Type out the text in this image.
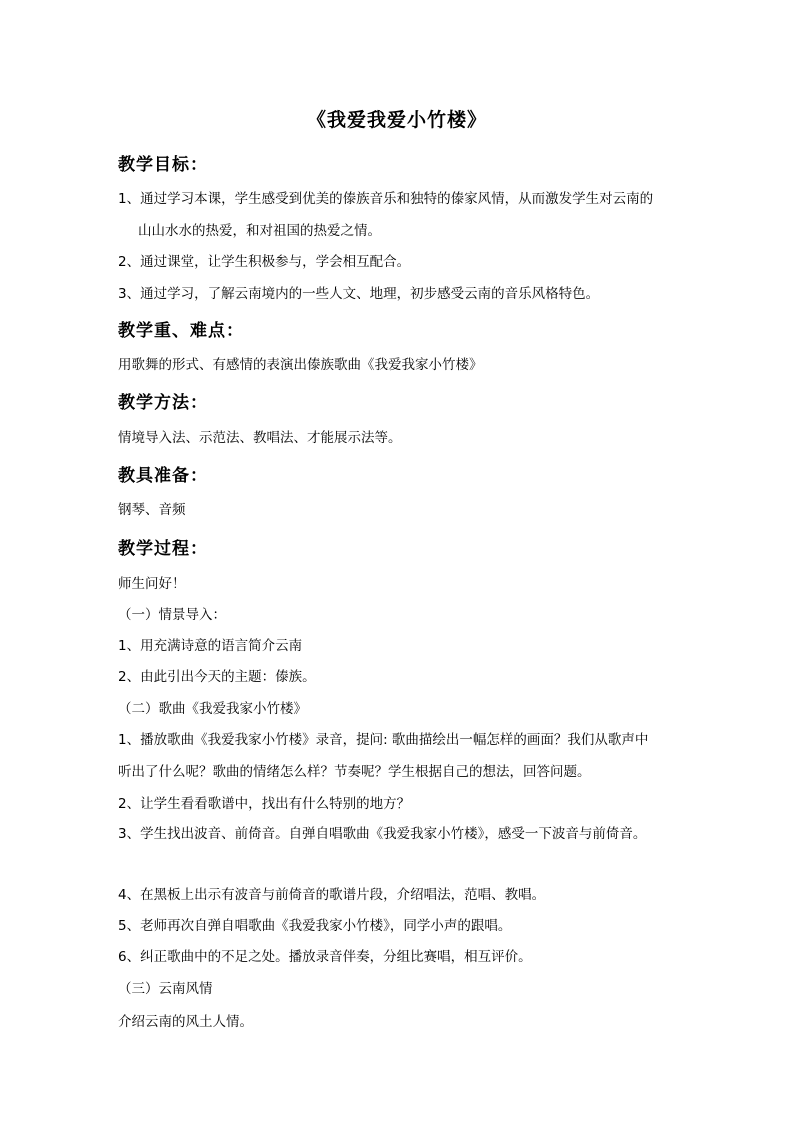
《我爱我爱小竹楼》
教学目标：
1、通过学习本课，学生感受到优美的傣族音乐和独特的傣家风情，从而激发学生对云南的
山山水水的热爱，和对祖国的热爱之情。
2、通过课堂，让学生积极参与，学会相互配合。
3、通过学习，了解云南境内的一些人文、地理，初步感受云南的音乐风格特色。
教学重、难点：
用歌舞的形式、有感情的表演出傣族歌曲《我爱我家小竹楼》
教学方法：
情境导入法、示范法、教唱法、才能展示法等。
教具准备：
钢琴、音频
教学过程：
师生问好！
（一）情景导入：
1、用充满诗意的语言简介云南
2、由此引出今天的主题：傣族。
（二）歌曲《我爱我家小竹楼》
1、播放歌曲《我爱我家小竹楼》录音，提问: 歌曲描绘出一幅怎样的画面？我们从歌声中
听出了什么呢？歌曲的情绪怎么样？节奏呢？学生根据自己的想法，回答问题。
2、让学生看看歌谱中，找出有什么特别的地方？
3、学生找出波音、前倚音。自弹自唱歌曲《我爱我家小竹楼》，感受一下波音与前倚音。
4、在黑板上出示有波音与前倚音的歌谱片段，介绍唱法，范唱、教唱。
5、老师再次自弹自唱歌曲《我爱我家小竹楼》，同学小声的跟唱。
6、纠正歌曲中的不足之处。播放录音伴奏，分组比赛唱，相互评价。
（三）云南风情
介绍云南的风土人情。
